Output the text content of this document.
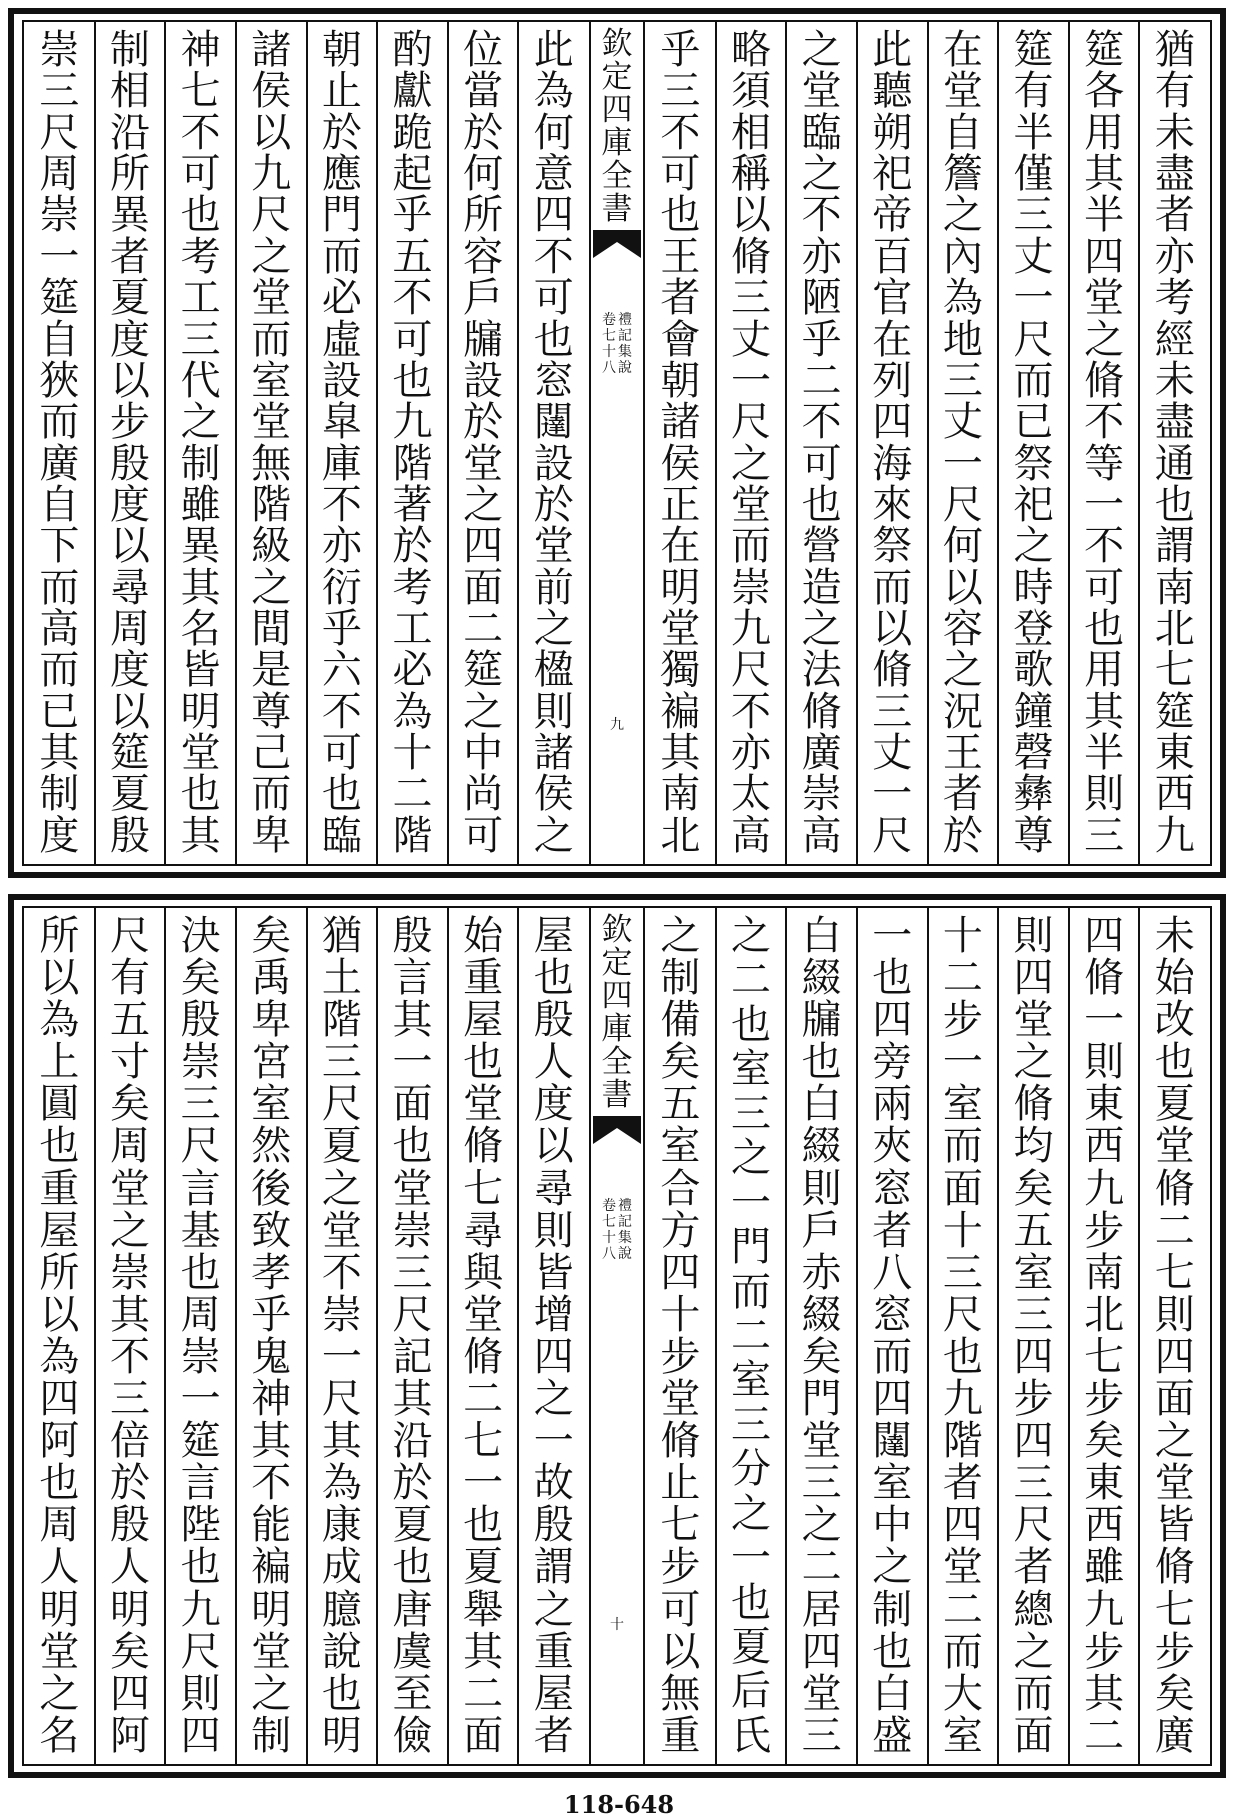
猶
有
未
盡
者
亦
考
經
未
盡
通
也
謂
南
北
七
筵
東
西
九
筵
各
用
其
半
四
堂
之
脩
不
等
一
不
可
也
用
其
半
則
三
筵
有
半
僅
三
丈
一
尺
而
已
祭
祀
之
時
登
歌
鐘
磬
彝
尊
在
堂
自
簷
之
內
為
地
三
丈
一
尺
何
以
容
之
況
王
者
於
此
聽
朔
祀
帝
百
官
在
列
四
海
來
祭
而
以
脩
三
丈
一
尺
之
堂
臨
之
不
亦
陋
乎
二
不
可
也
營
造
之
法
脩
廣
崇
高
略
須
相
稱
以
脩
三
丈
一
尺
之
堂
而
崇
九
尺
不
亦
太
高
乎
三
不
可
也
王
者
會
朝
諸
侯
正
在
明
堂
獨
褊
其
南
北
此
為
何
意
四
不
可
也
窓
闥
設
於
堂
前
之
楹
則
諸
侯
之
位
當
於
何
所
容
戶
牖
設
於
堂
之
四
面
二
筵
之
中
尚
可
酌
獻
跪
起
乎
五
不
可
也
九
階
著
於
考
工
必
為
十
二
階
朝
止
於
應
門
而
必
虛
設
皐
庫
不
亦
衍
乎
六
不
可
也
臨
諸
侯
以
九
尺
之
堂
而
室
堂
無
階
級
之
間
是
尊
己
而
卑
神
七
不
可
也
考
工
三
代
之
制
雖
異
其
名
皆
明
堂
也
其
制
相
沿
所
異
者
夏
度
以
步
殷
度
以
尋
周
度
以
筵
夏
殷
崇
三
尺
周
崇
一
筵
自
狹
而
廣
自
下
而
高
而
已
其
制
度
欽
定
四
庫
全
書
禮
記
集
說
卷
七
十
八
九
未
始
改
也
夏
堂
脩
二
七
則
四
面
之
堂
皆
脩
七
步
矣
廣
四
脩
一
則
東
西
九
步
南
北
七
步
矣
東
西
雖
九
步
其
二
則
四
堂
之
脩
均
矣
五
室
三
四
步
四
三
尺
者
總
之
而
面
十
二
步
一
室
而
面
十
三
尺
也
九
階
者
四
堂
二
而
大
室
一
也
四
旁
兩
夾
窓
者
八
窓
而
四
闥
室
中
之
制
也
白
盛
白
綴
牖
也
白
綴
則
戶
赤
綴
矣
門
堂
三
之
二
居
四
堂
三
之
二
也
室
三
之
一
門
而
二
室
三
分
之
一
也
夏
后
氏
之
制
備
矣
五
室
合
方
四
十
步
堂
脩
止
七
步
可
以
無
重
屋
也
殷
人
度
以
尋
則
皆
增
四
之
一
故
殷
謂
之
重
屋
者
始
重
屋
也
堂
脩
七
尋
與
堂
脩
二
七
一
也
夏
舉
其
二
面
殷
言
其
一
面
也
堂
崇
三
尺
記
其
沿
於
夏
也
唐
虞
至
儉
猶
土
階
三
尺
夏
之
堂
不
崇
一
尺
其
為
康
成
臆
說
也
明
矣
禹
卑
宮
室
然
後
致
孝
乎
鬼
神
其
不
能
褊
明
堂
之
制
決
矣
殷
崇
三
尺
言
基
也
周
崇
一
筵
言
陛
也
九
尺
則
四
尺
有
五
寸
矣
周
堂
之
崇
其
不
三
倍
於
殷
人
明
矣
四
阿
所
以
為
上
圓
也
重
屋
所
以
為
四
阿
也
周
人
明
堂
之
名
欽
定
四
庫
全
書
禮
記
集
說
卷
七
十
八
十
118-648
